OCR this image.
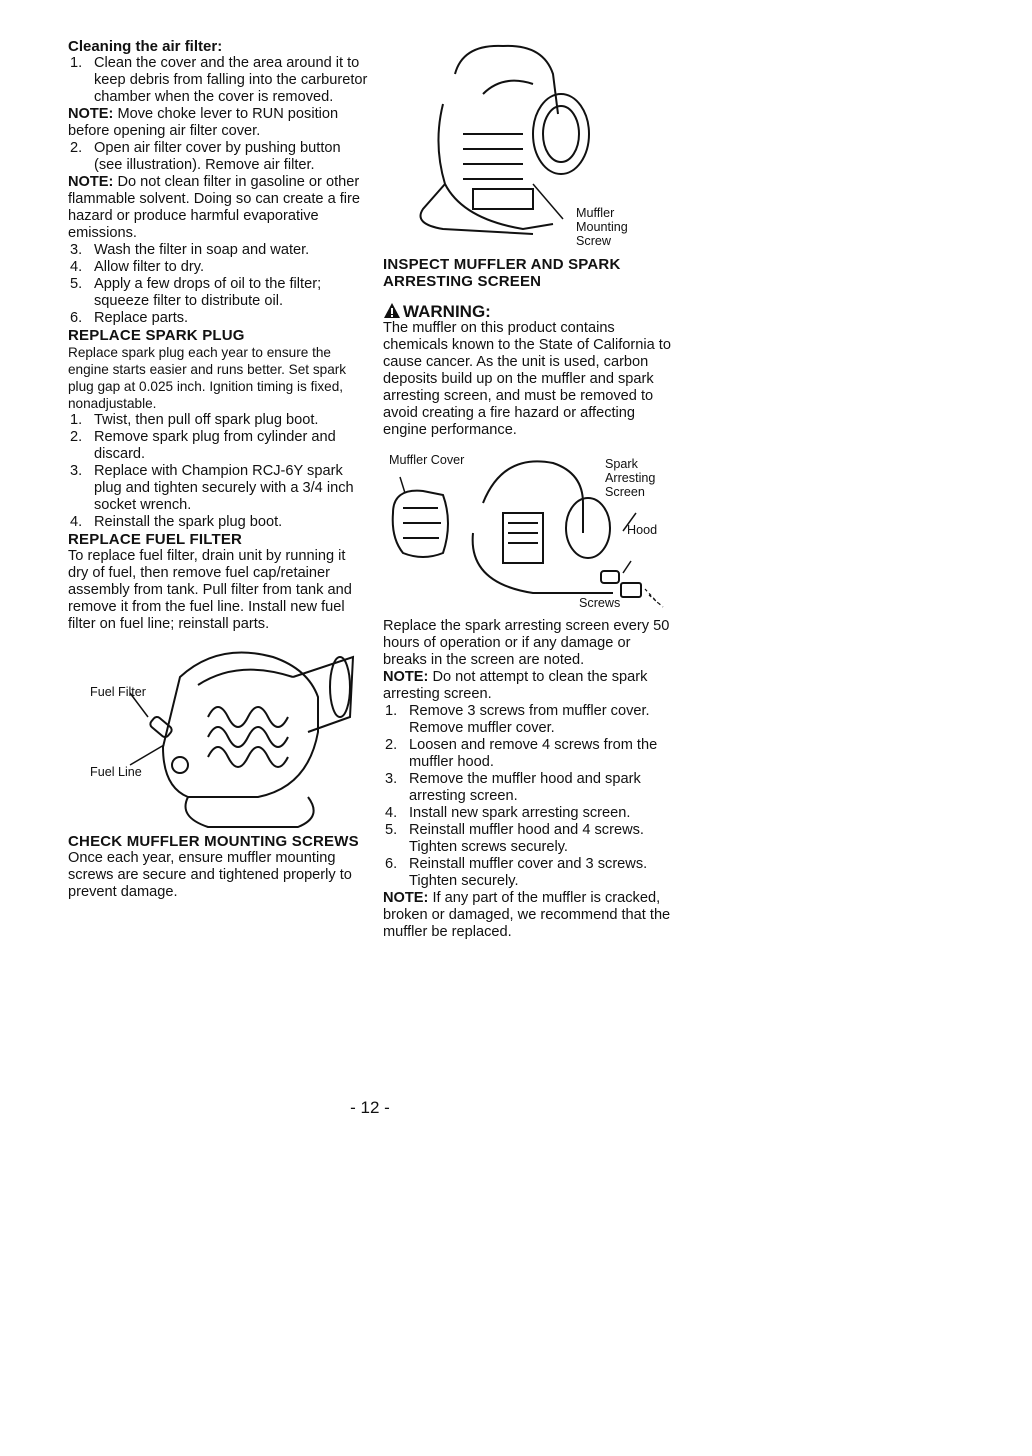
Cleaning the air filter:

1. Clean the cover and the area around it to keep debris from falling into the carburetor chamber when the cover is removed.

NOTE: Move choke lever to RUN position before opening air filter cover.

2. Open air filter cover by pushing button (see illustration). Remove air filter.

NOTE: Do not clean filter in gasoline or other flammable solvent. Doing so can create a fire hazard or produce harmful evaporative emissions.

3. Wash the filter in soap and water.
4. Allow filter to dry.
5. Apply a few drops of oil to the filter; squeeze filter to distribute oil.
6. Replace parts.

REPLACE SPARK PLUG

Replace spark plug each year to ensure the engine starts easier and runs better. Set spark plug gap at 0.025 inch. Ignition timing is fixed, nonadjustable.

1. Twist, then pull off spark plug boot.
2. Remove spark plug from cylinder and discard.
3. Replace with Champion RCJ-6Y spark plug and tighten securely with a 3/4 inch socket wrench.
4. Reinstall the spark plug boot.

REPLACE FUEL FILTER

To replace fuel filter, drain unit by running it dry of fuel, then remove fuel cap/retainer assembly from tank. Pull filter from tank and remove it from the fuel line. Install new fuel filter on fuel line; reinstall parts.

Fuel Filter
Fuel Line

CHECK MUFFLER MOUNTING SCREWS

Once each year, ensure muffler mounting screws are secure and tightened properly to prevent damage.

Muffler
Mounting
Screw

INSPECT MUFFLER AND SPARK ARRESTING SCREEN

WARNING:

The muffler on this product contains chemicals known to the State of California to cause cancer. As the unit is used, carbon deposits build up on the muffler and spark arresting screen, and must be removed to avoid creating a fire hazard or affecting engine performance.

Muffler Cover	Spark
Arresting
Screen
Hood
Screws

Replace the spark arresting screen every 50 hours of operation or if any damage or breaks in the screen are noted.

NOTE: Do not attempt to clean the spark arresting screen.

1. Remove 3 screws from muffler cover. Remove muffler cover.
2. Loosen and remove 4 screws from the muffler hood.
3. Remove the muffler hood and spark arresting screen.
4. Install new spark arresting screen.
5. Reinstall muffler hood and 4 screws. Tighten screws securely.
6. Reinstall muffler cover and 3 screws. Tighten securely.

NOTE: If any part of the muffler is cracked, broken or damaged, we recommend that the muffler be replaced.

- 12 -
